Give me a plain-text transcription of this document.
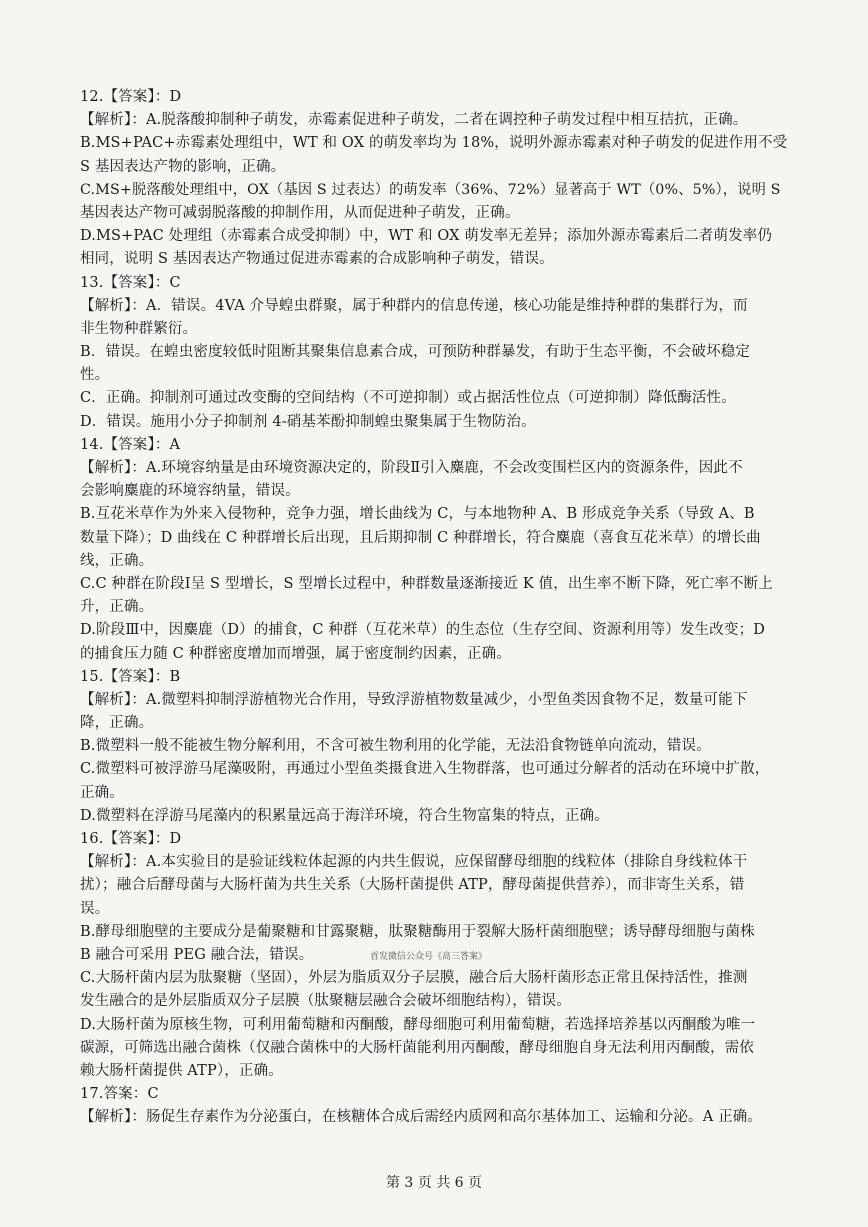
12.【答案】：D
【解析】：A.脱落酸抑制种子萌发，赤霉素促进种子萌发，二者在调控种子萌发过程中相互拮抗，正确。
B.MS+PAC+赤霉素处理组中，WT 和 OX 的萌发率均为 18%，说明外源赤霉素对种子萌发的促进作用不受
S 基因表达产物的影响，正确。
C.MS+脱落酸处理组中，OX（基因 S 过表达）的萌发率（36%、72%）显著高于 WT（0%、5%），说明 S
基因表达产物可减弱脱落酸的抑制作用，从而促进种子萌发，正确。
D.MS+PAC 处理组（赤霉素合成受抑制）中，WT 和 OX 萌发率无差异；添加外源赤霉素后二者萌发率仍
相同，说明 S 基因表达产物通过促进赤霉素的合成影响种子萌发，错误。
13.【答案】：C
【解析】：A．错误。4VA 介导蝗虫群聚，属于种群内的信息传递，核心功能是维持种群的集群行为，而
非生物种群繁衍。
B．错误。在蝗虫密度较低时阻断其聚集信息素合成，可预防种群暴发，有助于生态平衡，不会破坏稳定
性。
C．正确。抑制剂可通过改变酶的空间结构（不可逆抑制）或占据活性位点（可逆抑制）降低酶活性。
D．错误。施用小分子抑制剂 4-硝基苯酚抑制蝗虫聚集属于生物防治。
14.【答案】：A
【解析】：A.环境容纳量是由环境资源决定的，阶段Ⅱ引入麋鹿，不会改变围栏区内的资源条件，因此不
会影响麋鹿的环境容纳量，错误。
B.互花米草作为外来入侵物种，竞争力强，增长曲线为 C，与本地物种 A、B 形成竞争关系（导致 A、B
数量下降）；D 曲线在 C 种群增长后出现，且后期抑制 C 种群增长，符合麋鹿（喜食互花米草）的增长曲
线，正确。
C.C 种群在阶段Ⅰ呈 S 型增长，S 型增长过程中，种群数量逐渐接近 K 值，出生率不断下降，死亡率不断上
升，正确。
D.阶段Ⅲ中，因麋鹿（D）的捕食，C 种群（互花米草）的生态位（生存空间、资源利用等）发生改变；D
的捕食压力随 C 种群密度增加而增强，属于密度制约因素，正确。
15.【答案】：B
【解析】：A.微塑料抑制浮游植物光合作用，导致浮游植物数量减少，小型鱼类因食物不足，数量可能下
降，正确。
B.微塑料一般不能被生物分解利用，不含可被生物利用的化学能，无法沿食物链单向流动，错误。
C.微塑料可被浮游马尾藻吸附，再通过小型鱼类摄食进入生物群落，也可通过分解者的活动在环境中扩散，
正确。
D.微塑料在浮游马尾藻内的积累量远高于海洋环境，符合生物富集的特点，正确。
16.【答案】：D
【解析】：A.本实验目的是验证线粒体起源的内共生假说，应保留酵母细胞的线粒体（排除自身线粒体干
扰）；融合后酵母菌与大肠杆菌为共生关系（大肠杆菌提供 ATP，酵母菌提供营养），而非寄生关系，错
误。
B.酵母细胞壁的主要成分是葡聚糖和甘露聚糖，肽聚糖酶用于裂解大肠杆菌细胞壁；诱导酵母细胞与菌株
B 融合可采用 PEG 融合法，错误。
C.大肠杆菌内层为肽聚糖（坚固），外层为脂质双分子层膜，融合后大肠杆菌形态正常且保持活性，推测
发生融合的是外层脂质双分子层膜（肽聚糖层融合会破坏细胞结构），错误。
D.大肠杆菌为原核生物，可利用葡萄糖和丙酮酸，酵母细胞可利用葡萄糖，若选择培养基以丙酮酸为唯一
碳源，可筛选出融合菌株（仅融合菌株中的大肠杆菌能利用丙酮酸，酵母细胞自身无法利用丙酮酸，需依
赖大肠杆菌提供 ATP），正确。
17.答案：C
【解析】：肠促生存素作为分泌蛋白，在核糖体合成后需经内质网和高尔基体加工、运输和分泌。A 正确。
首发微信公众号《高三答案》
第 3 页 共 6 页
